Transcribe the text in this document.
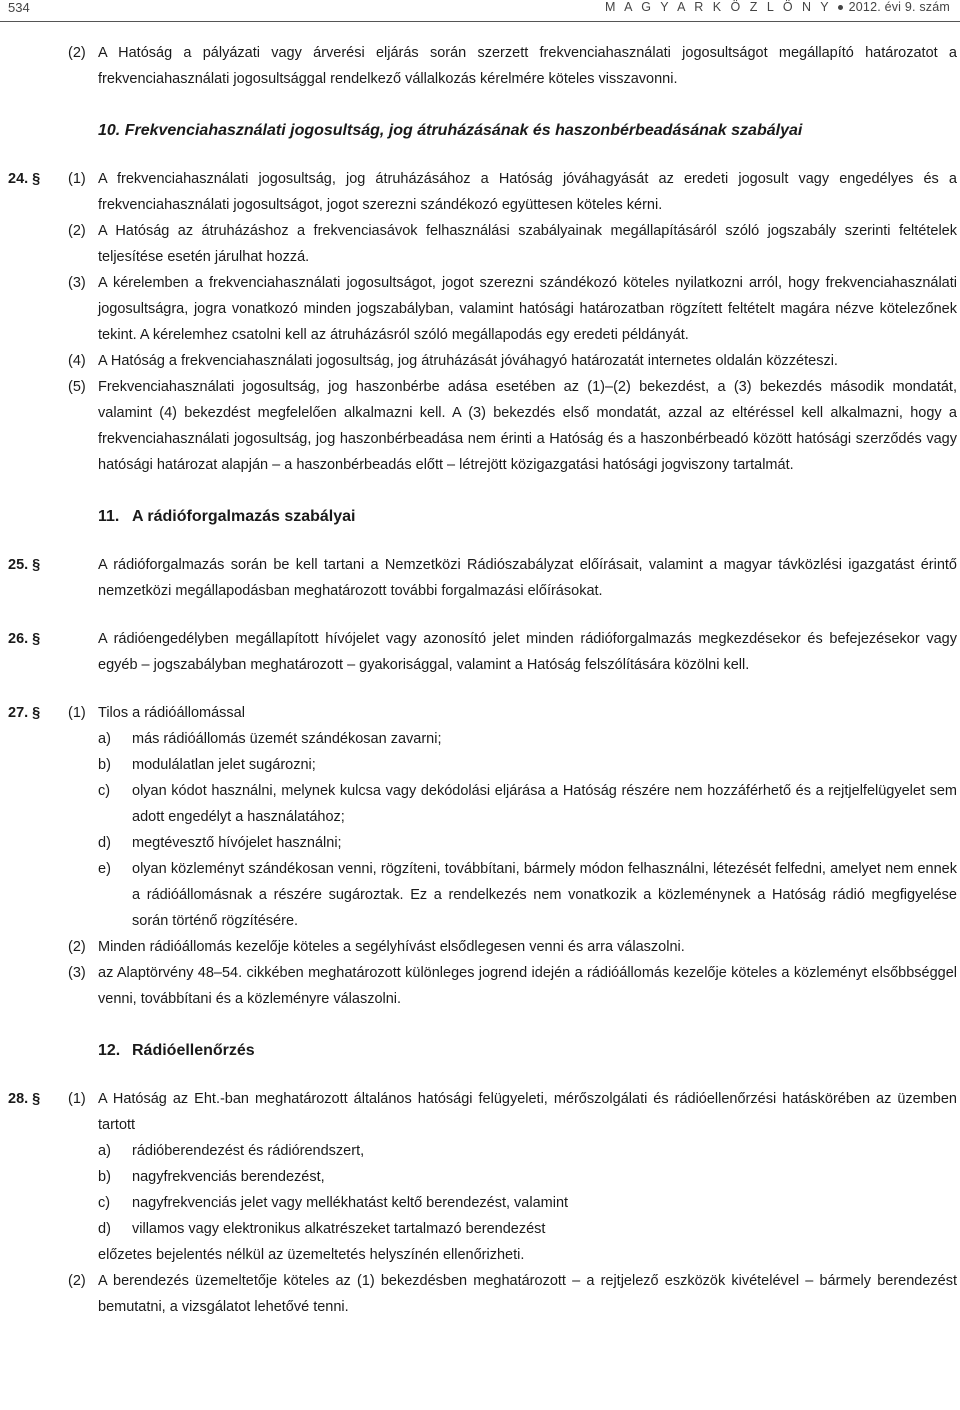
534	M A G Y A R K Ö Z L Ö N Y 2012. évi 9. szám
(2) A Hatóság a pályázati vagy árverési eljárás során szerzett frekvenciahasználati jogosultságot megállapító határozatot a frekvenciahasználati jogosultsággal rendelkező vállalkozás kérelmére köteles visszavonni.
10. Frekvenciahasználati jogosultság, jog átruházásának és haszonbérbeadásának szabályai
24. § (1) A frekvenciahasználati jogosultság, jog átruházásához a Hatóság jóváhagyását az eredeti jogosult vagy engedélyes és a frekvenciahasználati jogosultságot, jogot szerezni szándékozó együttesen köteles kérni.
(2) A Hatóság az átruházáshoz a frekvenciasávok felhasználási szabályainak megállapításáról szóló jogszabály szerinti feltételek teljesítése esetén járulhat hozzá.
(3) A kérelemben a frekvenciahasználati jogosultságot, jogot szerezni szándékozó köteles nyilatkozni arról, hogy frekvenciahasználati jogosultságra, jogra vonatkozó minden jogszabályban, valamint hatósági határozatban rögzített feltételt magára nézve kötelezőnek tekint. A kérelemhez csatolni kell az átruházásról szóló megállapodás egy eredeti példányát.
(4) A Hatóság a frekvenciahasználati jogosultság, jog átruházását jóváhagyó határozatát internetes oldalán közzéteszi.
(5) Frekvenciahasználati jogosultság, jog haszonbérbe adása esetében az (1)–(2) bekezdést, a (3) bekezdés második mondatát, valamint (4) bekezdést megfelelően alkalmazni kell. A (3) bekezdés első mondatát, azzal az eltéréssel kell alkalmazni, hogy a frekvenciahasználati jogosultság, jog haszonbérbeadása nem érinti a Hatóság és a haszonbérbeadó között hatósági szerződés vagy hatósági határozat alapján – a haszonbérbeadás előtt – létrejött közigazgatási hatósági jogviszony tartalmát.
11. A rádióforgalmazás szabályai
25. §	A rádióforgalmazás során be kell tartani a Nemzetközi Rádiószabályzat előírásait, valamint a magyar távközlési igazgatást érintő nemzetközi megállapodásban meghatározott további forgalmazási előírásokat.
26. §	A rádióengedélyben megállapított hívójelet vagy azonosító jelet minden rádióforgalmazás megkezdésekor és befejezésekor vagy egyéb – jogszabályban meghatározott – gyakorisággal, valamint a Hatóság felszólítására közölni kell.
27. § (1) Tilos a rádióállomással
a) más rádióállomás üzemét szándékosan zavarni;
b) modulálatlan jelet sugározni;
c) olyan kódot használni, melynek kulcsa vagy dekódolási eljárása a Hatóság részére nem hozzáférhető és a rejtjelfelügyelet sem adott engedélyt a használatához;
d) megtévesztő hívójelet használni;
e) olyan közleményt szándékosan venni, rögzíteni, továbbítani, bármely módon felhasználni, létezését felfedni, amelyet nem ennek a rádióállomásnak a részére sugároztak. Ez a rendelkezés nem vonatkozik a közleménynek a Hatóság rádió megfigyelése során történő rögzítésére.
(2) Minden rádióállomás kezelője köteles a segélyhívást elsődlegesen venni és arra válaszolni.
(3) az Alaptörvény 48–54. cikkében meghatározott különleges jogrend idején a rádióállomás kezelője köteles a közleményt elsőbbséggel venni, továbbítani és a közleményre válaszolni.
12. Rádióellenőrzés
28. § (1) A Hatóság az Eht.-ban meghatározott általános hatósági felügyeleti, mérőszolgálati és rádióellenőrzési hatáskörében az üzemben tartott
a) rádióberendezést és rádiórendszert,
b) nagyfrekvenciás berendezést,
c) nagyfrekvenciás jelet vagy mellékhatást keltő berendezést, valamint
d) villamos vagy elektronikus alkatrészeket tartalmazó berendezést
előzetes bejelentés nélkül az üzemeltetés helyszínén ellenőrizheti.
(2) A berendezés üzemeltetője köteles az (1) bekezdésben meghatározott – a rejtjelező eszközök kivételével – bármely berendezést bemutatni, a vizsgálatot lehetővé tenni.
